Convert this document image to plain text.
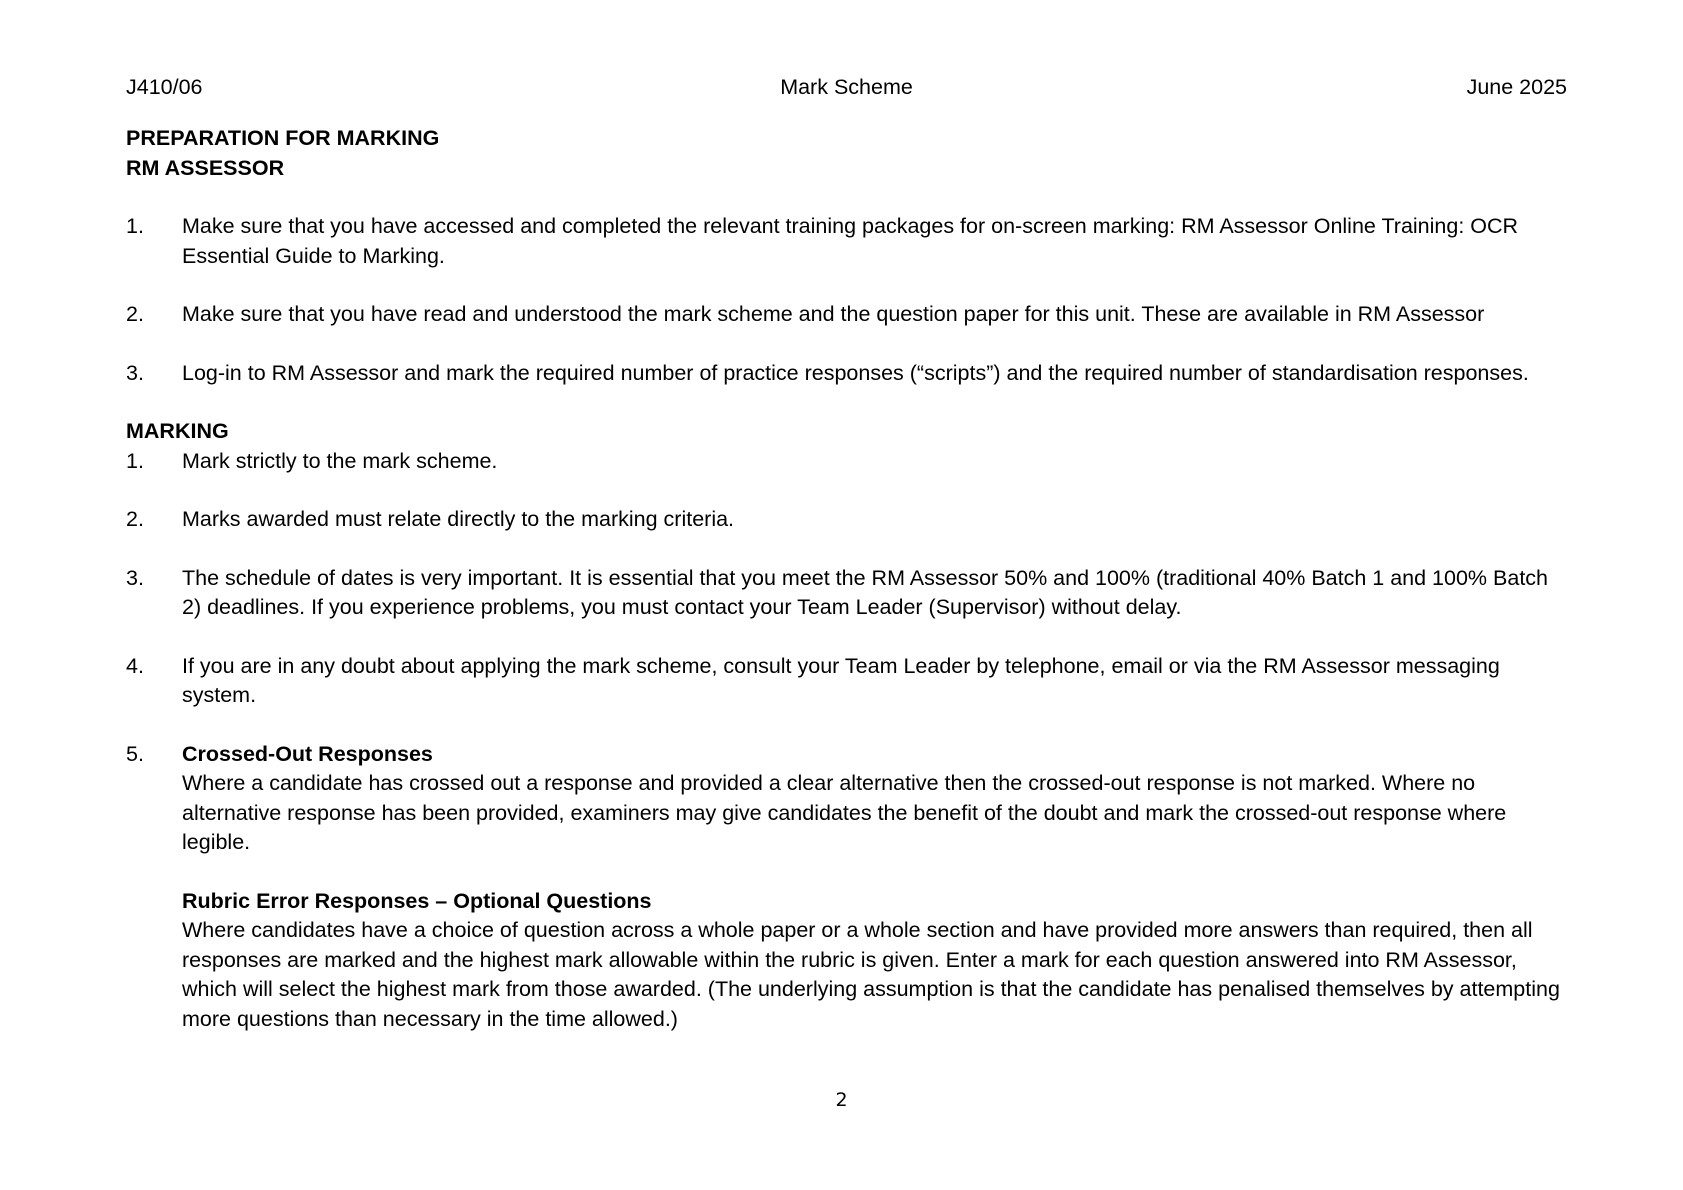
J410/06	Mark Scheme	June 2025
PREPARATION FOR MARKING
RM ASSESSOR
1. Make sure that you have accessed and completed the relevant training packages for on-screen marking: RM Assessor Online Training: OCR Essential Guide to Marking.
2. Make sure that you have read and understood the mark scheme and the question paper for this unit. These are available in RM Assessor
3. Log-in to RM Assessor and mark the required number of practice responses (“scripts”) and the required number of standardisation responses.
MARKING
1. Mark strictly to the mark scheme.
2. Marks awarded must relate directly to the marking criteria.
3. The schedule of dates is very important. It is essential that you meet the RM Assessor 50% and 100% (traditional 40% Batch 1 and 100% Batch 2) deadlines. If you experience problems, you must contact your Team Leader (Supervisor) without delay.
4. If you are in any doubt about applying the mark scheme, consult your Team Leader by telephone, email or via the RM Assessor messaging system.
5. Crossed-Out Responses
Where a candidate has crossed out a response and provided a clear alternative then the crossed-out response is not marked. Where no alternative response has been provided, examiners may give candidates the benefit of the doubt and mark the crossed-out response where legible.
Rubric Error Responses – Optional Questions
Where candidates have a choice of question across a whole paper or a whole section and have provided more answers than required, then all responses are marked and the highest mark allowable within the rubric is given. Enter a mark for each question answered into RM Assessor, which will select the highest mark from those awarded. (The underlying assumption is that the candidate has penalised themselves by attempting more questions than necessary in the time allowed.)
2
